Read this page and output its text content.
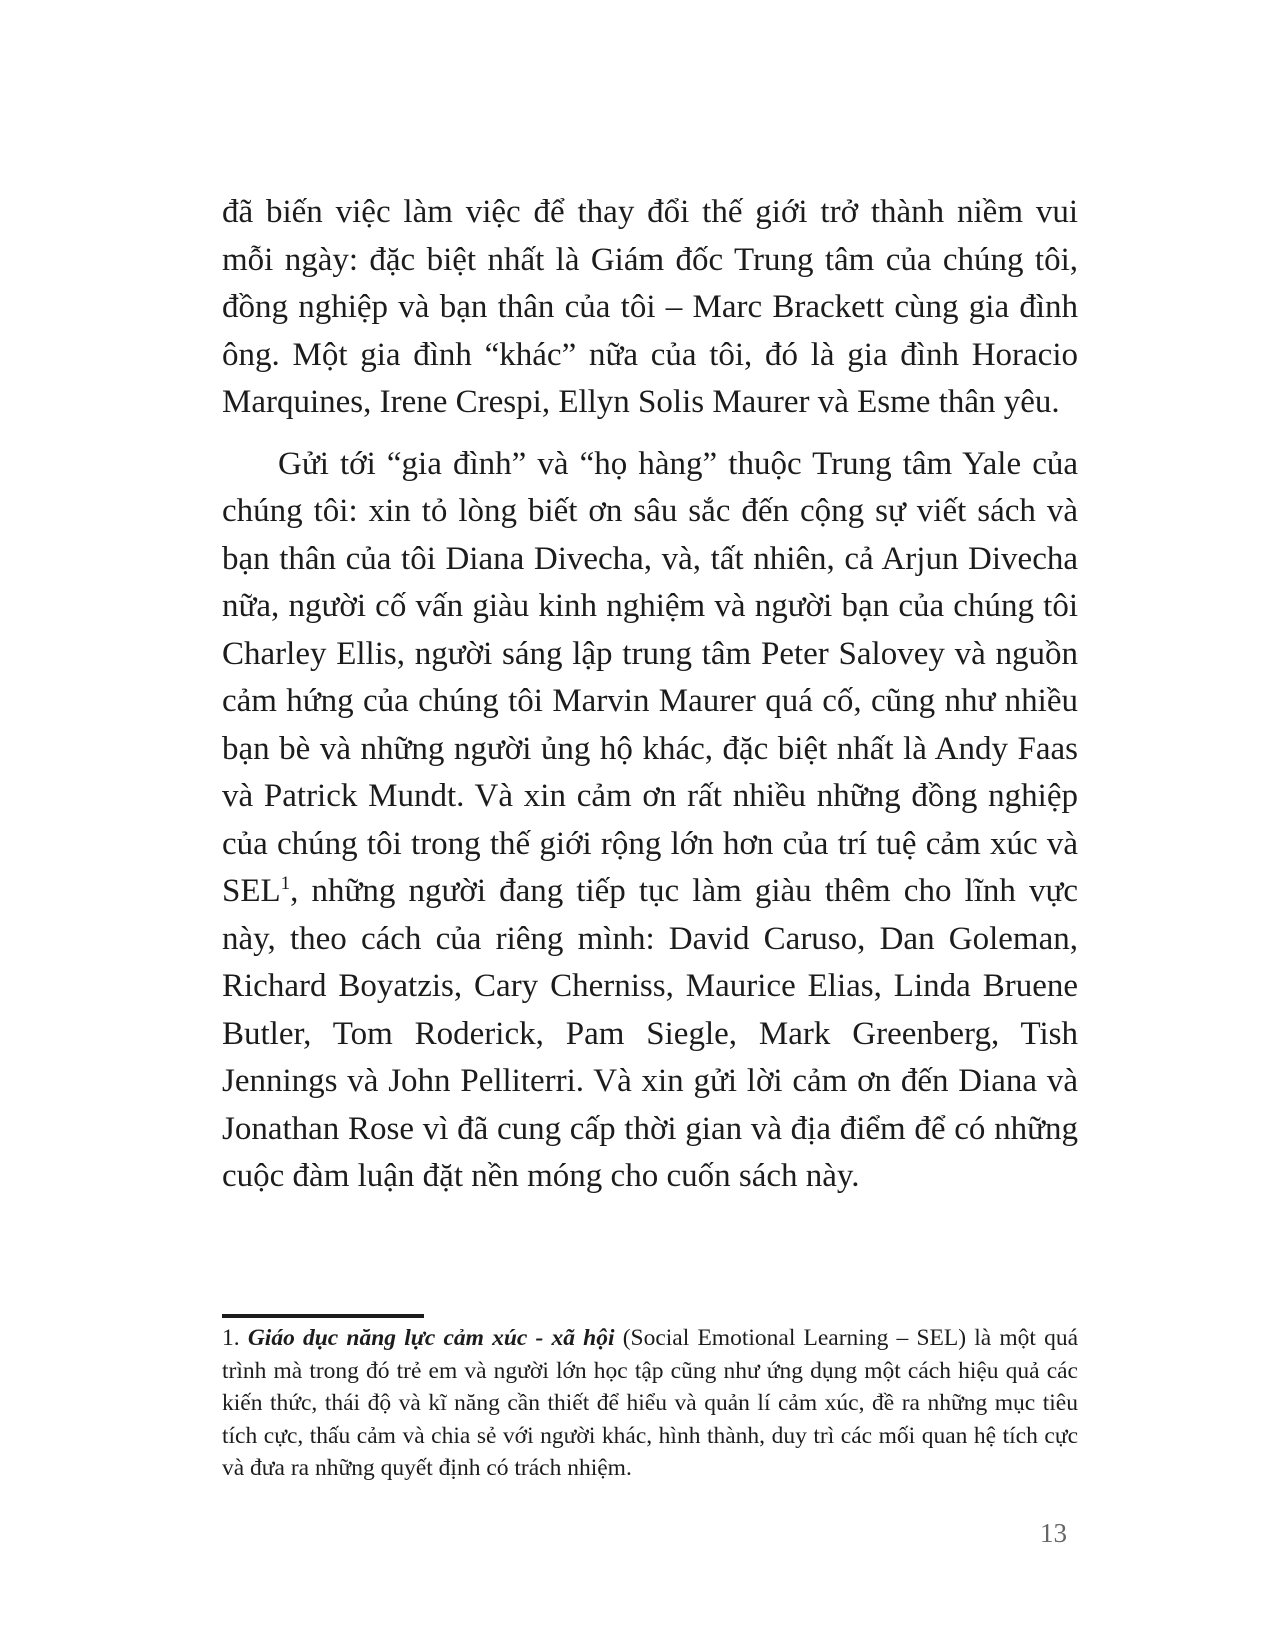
đã biến việc làm việc để thay đổi thế giới trở thành niềm vui mỗi ngày: đặc biệt nhất là Giám đốc Trung tâm của chúng tôi, đồng nghiệp và bạn thân của tôi – Marc Brackett cùng gia đình ông. Một gia đình “khác” nữa của tôi, đó là gia đình Horacio Marquines, Irene Crespi, Ellyn Solis Maurer và Esme thân yêu.

Gửi tới “gia đình” và “họ hàng” thuộc Trung tâm Yale của chúng tôi: xin tỏ lòng biết ơn sâu sắc đến cộng sự viết sách và bạn thân của tôi Diana Divecha, và, tất nhiên, cả Arjun Divecha nữa, người cố vấn giàu kinh nghiệm và người bạn của chúng tôi Charley Ellis, người sáng lập trung tâm Peter Salovey và nguồn cảm hứng của chúng tôi Marvin Maurer quá cố, cũng như nhiều bạn bè và những người ủng hộ khác, đặc biệt nhất là Andy Faas và Patrick Mundt. Và xin cảm ơn rất nhiều những đồng nghiệp của chúng tôi trong thế giới rộng lớn hơn của trí tuệ cảm xúc và SEL$^1$, những người đang tiếp tục làm giàu thêm cho lĩnh vực này, theo cách của riêng mình: David Caruso, Dan Goleman, Richard Boyatzis, Cary Cherniss, Maurice Elias, Linda Bruene Butler, Tom Roderick, Pam Siegle, Mark Greenberg, Tish Jennings và John Pelliterri. Và xin gửi lời cảm ơn đến Diana và Jonathan Rose vì đã cung cấp thời gian và địa điểm để có những cuộc đàm luận đặt nền móng cho cuốn sách này.

1. Giáo dục năng lực cảm xúc - xã hội (Social Emotional Learning – SEL) là một quá trình mà trong đó trẻ em và người lớn học tập cũng như ứng dụng một cách hiệu quả các kiến thức, thái độ và kĩ năng cần thiết để hiểu và quản lí cảm xúc, đề ra những mục tiêu tích cực, thấu cảm và chia sẻ với người khác, hình thành, duy trì các mối quan hệ tích cực và đưa ra những quyết định có trách nhiệm.
13
